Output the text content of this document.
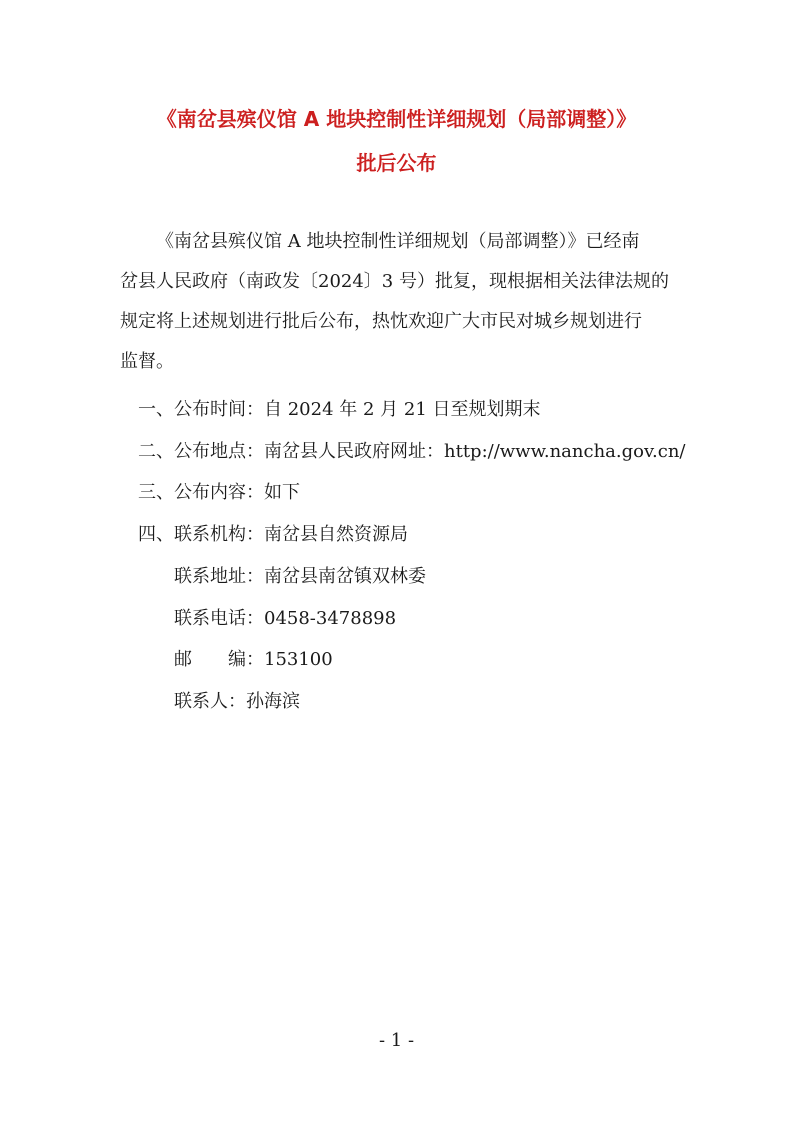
《南岔县殡仪馆 A 地块控制性详细规划（局部调整）》
批后公布
《南岔县殡仪馆 A 地块控制性详细规划（局部调整）》已经南
岔县人民政府（南政发〔2024〕3 号）批复，现根据相关法律法规的
规定将上述规划进行批后公布，热忱欢迎广大市民对城乡规划进行
监督。
一、公布时间：自 2024 年 2 月 21 日至规划期末
二、公布地点：南岔县人民政府网址：http://www.nancha.gov.cn/
三、公布内容：如下
四、联系机构：南岔县自然资源局
联系地址：南岔县南岔镇双林委
联系电话：0458-3478898
邮　　编：153100
联系人：孙海滨
- 1 -
